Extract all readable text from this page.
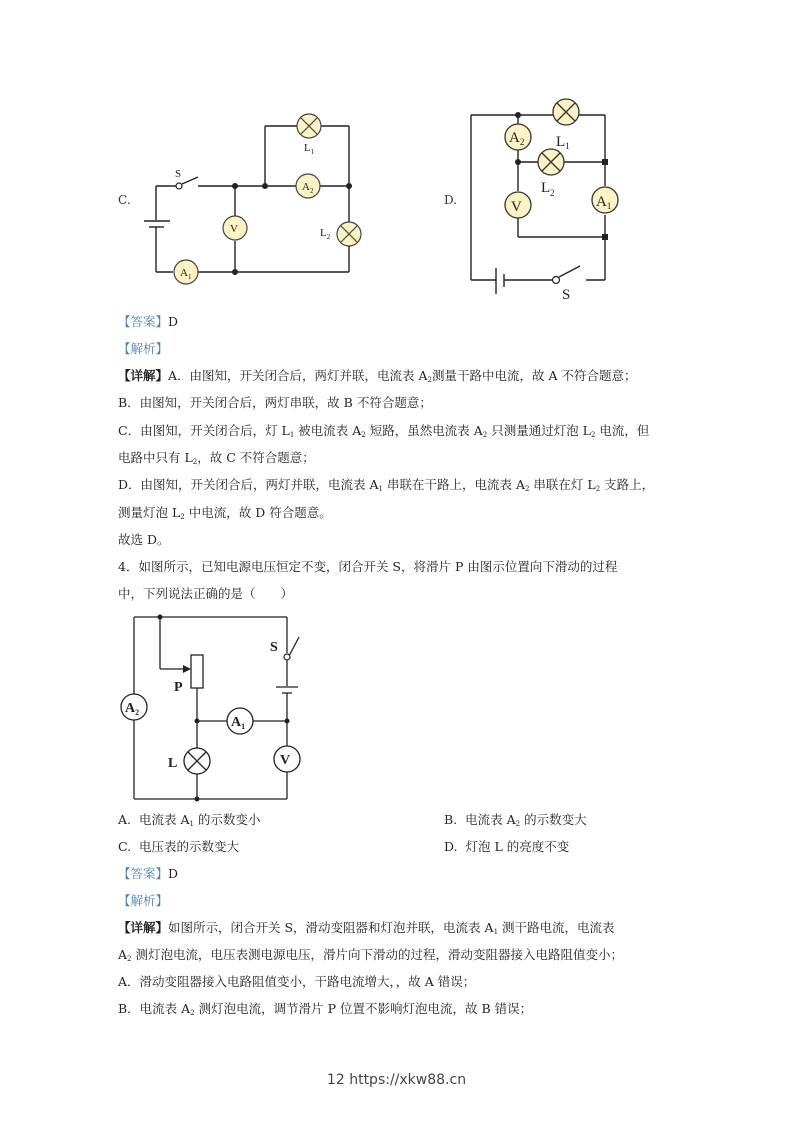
C.
S
$L_1$
$A_2$
V	$L_2$
$A_1$
D.
$A_2$ $L_1$
$L_2$
V	$A_1$
S
【答案】D
【解析】
【详解】A．由图知，开关闭合后，两灯并联，电流表 $A_2$测量干路中电流，故 A 不符合题意；
B．由图知，开关闭合后，两灯串联，故 B 不符合题意；
C．由图知，开关闭合后，灯 $L_1$ 被电流表 $A_2$ 短路，虽然电流表 $A_2$ 只测量通过灯泡 $L_2$ 电流，但
电路中只有 $L_2$，故 C 不符合题意；
D．由图知，开关闭合后，两灯并联，电流表 $A_1$ 串联在干路上，电流表 $A_2$ 串联在灯 $L_2$ 支路上，
测量灯泡 $L_2$ 中电流，故 D 符合题意。
故选 D。
4．如图所示，已知电源电压恒定不变，闭合开关 S，将滑片 P 由图示位置向下滑动的过程
中，下列说法正确的是（　　）
$A_2$
$A_1$
V
L
P
S
A. 电流表 $A_1$ 的示数变小	B. 电流表 $A_2$ 的示数变大
C. 电压表的示数变大	D. 灯泡 L 的亮度不变
【答案】D
【解析】
【详解】如图所示，闭合开关 S，滑动变阻器和灯泡并联，电流表 $A_1$ 测干路电流，电流表
$A_2$ 测灯泡电流，电压表测电源电压，滑片向下滑动的过程，滑动变阻器接入电路阻值变小；
A．滑动变阻器接入电路阻值变小，干路电流增大，，故 A 错误；
B．电流表 $A_2$ 测灯泡电流，调节滑片 P 位置不影响灯泡电流，故 B 错误；
12 https://xkw88.cn
